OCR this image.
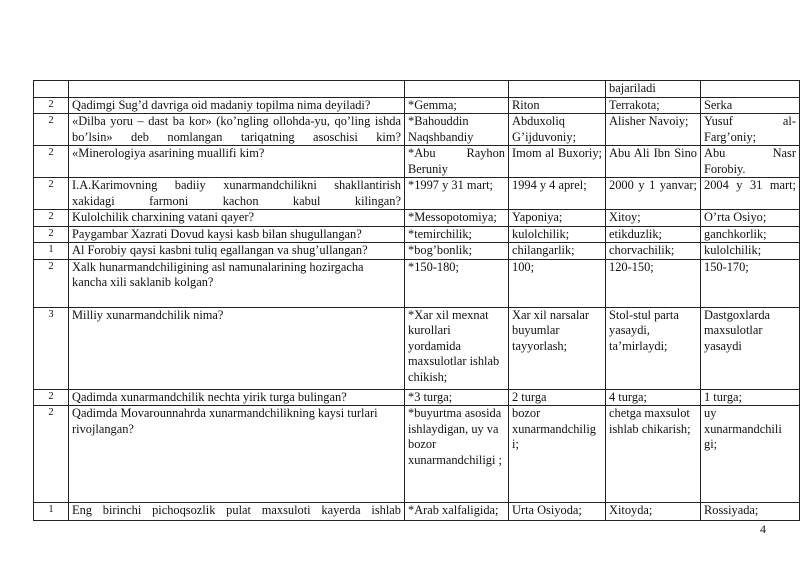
				bajariladi	
2	Qadimgi Sug’d davriga oid madaniy topilma nima deyiladi?	*Gemma;	Riton	Terrakota;	Serka
2	«Dilba yoru – dast ba kor» (ko’ngling ollohda-yu, qo’ling ishda bo’lsin» deb nomlangan tariqatning asoschisi kim?	*Bahouddin Naqshbandiy	Abduxoliq G’ijduvoniy;	Alisher Navoiy;	Yusuf al-Farg’oniy;
2	«Minerologiya asarining muallifi kim?	*Abu Rayhon Beruniy	Imom al Buxoriy;	Abu Ali Ibn Sino	Abu Nasr Forobiy.
2	I.A.Karimovning badiiy xunarmandchilikni shakllantirish xakidagi farmoni kachon kabul kilingan?	*1997 y 31 mart;	1994 y 4 aprel;	2000 y 1 yanvar;	2004 y 31 mart;
2	Kulolchilik charxining vatani qayer?	*Messopotomiya;	Yaponiya;	Xitoy;	O’rta Osiyo;
2	Paygambar Xazrati Dovud kaysi kasb bilan shugullangan?	*temirchilik;	kulolchilik;	etikduzlik;	ganchkorlik;
1	Al Forobiy qaysi kasbni tuliq egallangan va shug’ullangan?	*bog’bonlik;	chilangarlik;	chorvachilik;	kulolchilik;
2	Xalk hunarmandchiligining asl namunalarining hozirgacha kancha xili saklanib kolgan?	*150-180;	100;	120-150;	150-170;
3	Milliy xunarmandchilik nima?	*Xar xil mexnat kurollari yordamida maxsulotlar ishlab chikish;	Xar xil narsalar buyumlar tayyorlash;	Stol-stul parta yasaydi, ta’mirlaydi;	Dastgoxlarda maxsulotlar yasaydi
2	Qadimda xunarmandchilik nechta yirik turga bulingan?	*3 turga;	2 turga	4 turga;	1 turga;
2	Qadimda Movarounnahrda xunarmandchilikning kaysi turlari rivojlangan?	*buyurtma asosida ishlaydigan, uy va bozor xunarmandchiligi ;	bozor xunarmandchilig i;	chetga maxsulot ishlab chikarish;	uy xunarmandchili gi;
1	Eng birinchi pichoqsozlik pulat maxsuloti kayerda ishlab	*Arab xalfaligida;	Urta Osiyoda;	Xitoyda;	Rossiyada;
4
